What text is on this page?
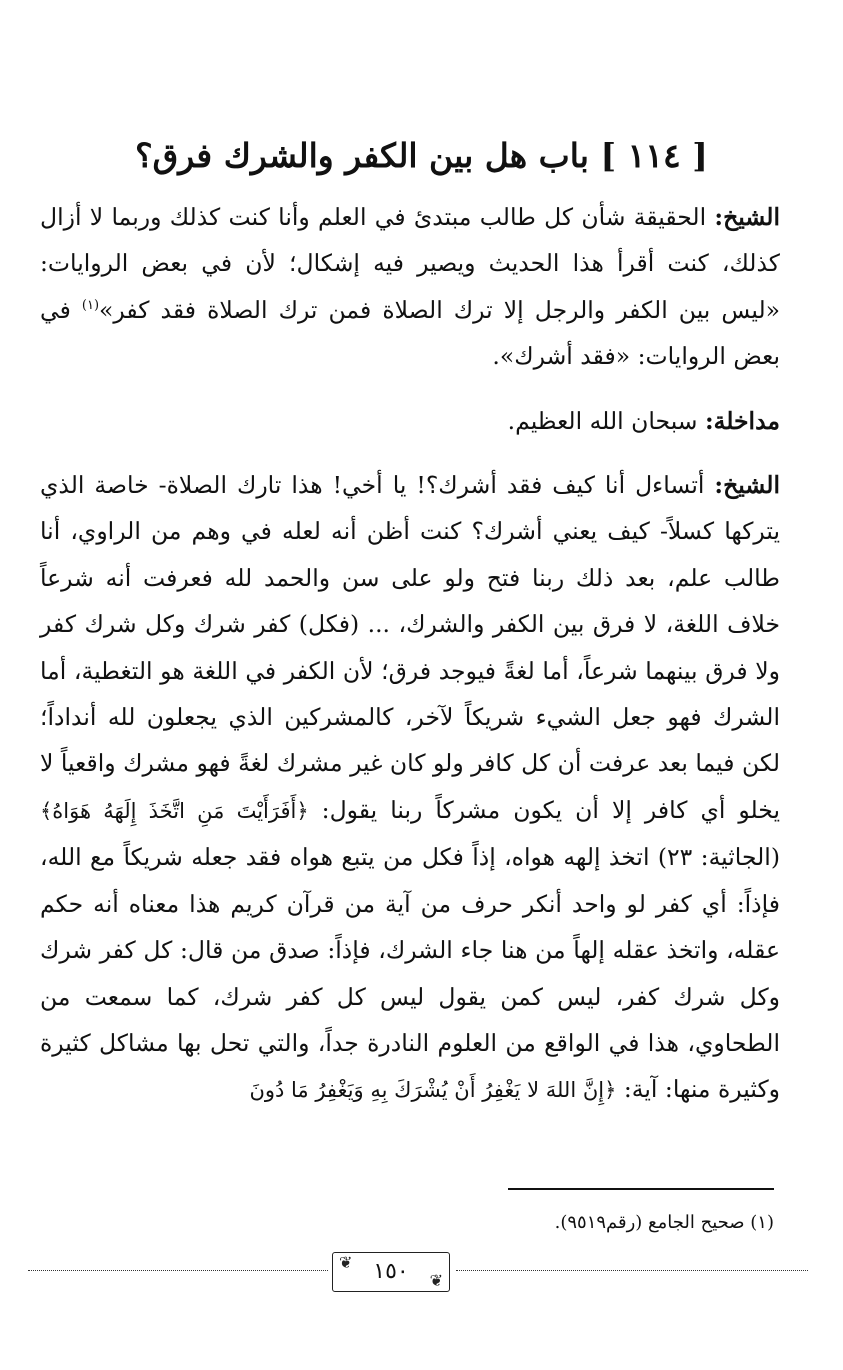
[ ١١٤ ] باب هل بين الكفر والشرك فرق؟

الشيخ: الحقيقة شأن كل طالب مبتدئ في العلم وأنا كنت كذلك وربما لا أزال كذلك، كنت أقرأ هذا الحديث ويصير فيه إشكال؛ لأن في بعض الروايات: «ليس بين الكفر والرجل إلا ترك الصلاة فمن ترك الصلاة فقد كفر»$^{(١)}$ في بعض الروايات: «فقد أشرك».

مداخلة: سبحان الله العظيم.

الشيخ: أتساءل أنا كيف فقد أشرك؟! يا أخي! هذا تارك الصلاة- خاصة الذي يتركها كسلاً- كيف يعني أشرك؟ كنت أظن أنه لعله في وهم من الراوي، أنا طالب علم، بعد ذلك ربنا فتح ولو على سن والحمد لله فعرفت أنه شرعاً خلاف اللغة، لا فرق بين الكفر والشرك، ... (فكل) كفر شرك وكل شرك كفر ولا فرق بينهما شرعاً، أما لغةً فيوجد فرق؛ لأن الكفر في اللغة هو التغطية، أما الشرك فهو جعل الشيء شريكاً لآخر، كالمشركين الذي يجعلون لله أنداداً؛ لكن فيما بعد عرفت أن كل كافر ولو كان غير مشرك لغةً فهو مشرك واقعياً لا يخلو أي كافر إلا أن يكون مشركاً ربنا يقول: ﴿أَفَرَأَيْتَ مَنِ اتَّخَذَ إِلَهَهُ هَوَاهُ﴾(الجاثية: ٢٣) اتخذ إلهه هواه، إذاً فكل من يتبع هواه فقد جعله شريكاً مع الله، فإذاً: أي كفر لو واحد أنكر حرف من آية من قرآن كريم هذا معناه أنه حكم عقله، واتخذ عقله إلهاً من هنا جاء الشرك، فإذاً: صدق من قال: كل كفر شرك وكل شرك كفر، ليس كمن يقول ليس كل كفر شرك، كما سمعت من الطحاوي، هذا في الواقع من العلوم النادرة جداً، والتي تحل بها مشاكل كثيرة وكثيرة منها: آية: ﴿إِنَّ اللهَ لا يَغْفِرُ أَنْ يُشْرَكَ بِهِ وَيَغْفِرُ مَا دُونَ

(١) صحيح الجامع (رقم٩٥١٩).
❦ ١٥٠ ❦
